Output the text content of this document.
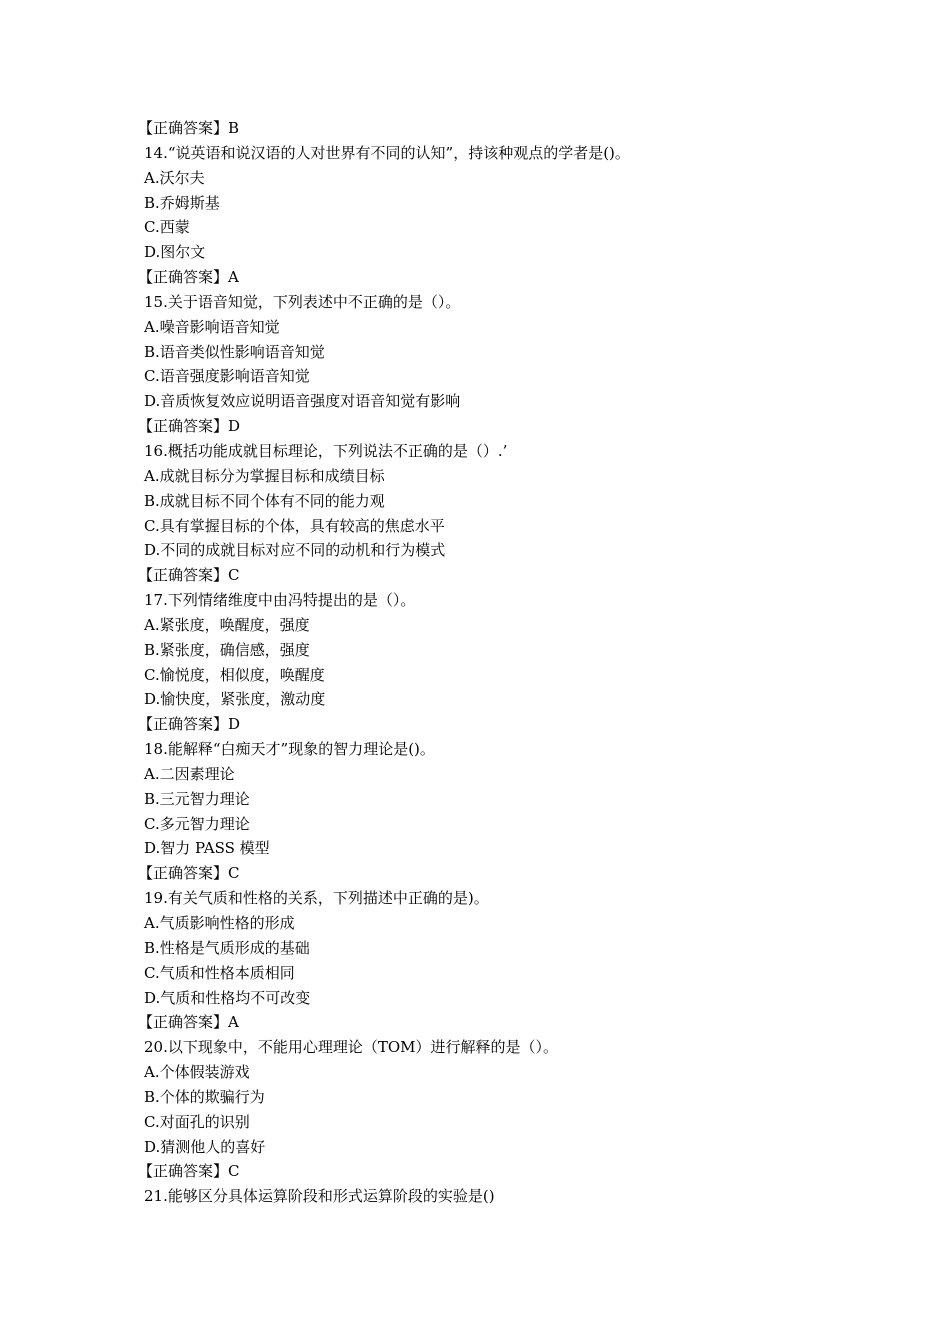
【正确答案】B
14.“说英语和说汉语的人对世界有不同的认知”，持该种观点的学者是()。
A.沃尔夫
B.乔姆斯基
C.西蒙
D.图尔文
【正确答案】A
15.关于语音知觉，下列表述中不正确的是（）。
A.噪音影响语音知觉
B.语音类似性影响语音知觉
C.语音强度影响语音知觉
D.音质恢复效应说明语音强度对语音知觉有影响
【正确答案】D
16.概括功能成就目标理论，下列说法不正确的是（）.’
A.成就目标分为掌握目标和成绩目标
B.成就目标不同个体有不同的能力观
C.具有掌握目标的个体，具有较高的焦虑水平
D.不同的成就目标对应不同的动机和行为模式
【正确答案】C
17.下列情绪维度中由冯特提出的是（）。
A.紧张度，唤醒度，强度
B.紧张度，确信感，强度
C.愉悦度，相似度，唤醒度
D.愉快度，紧张度，激动度
【正确答案】D
18.能解释“白痴天才”现象的智力理论是()。
A.二因素理论
B.三元智力理论
C.多元智力理论
D.智力 PASS 模型
【正确答案】C
19.有关气质和性格的关系，下列描述中正确的是)。
A.气质影响性格的形成
B.性格是气质形成的基础
C.气质和性格本质相同
D.气质和性格均不可改变
【正确答案】A
20.以下现象中，不能用心理理论（TOM）进行解释的是（）。
A.个体假装游戏
B.个体的欺骗行为
C.对面孔的识别
D.猜测他人的喜好
【正确答案】C
21.能够区分具体运算阶段和形式运算阶段的实验是()
